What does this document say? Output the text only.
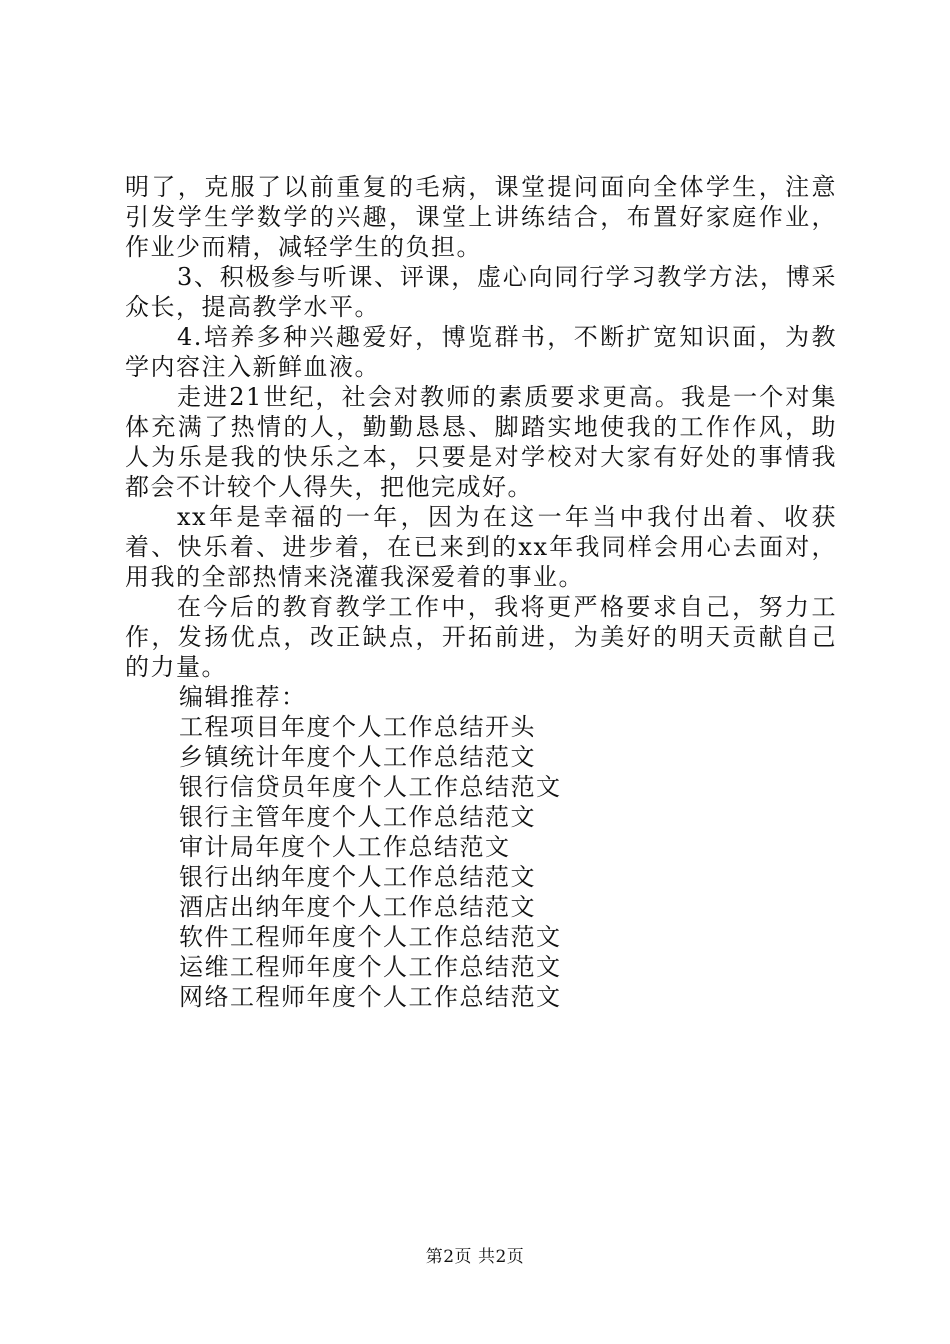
明了，克服了以前重复的毛病，课堂提问面向全体学生，注意引发学生学数学的兴趣，课堂上讲练结合，布置好家庭作业，作业少而精，减轻学生的负担。

3、积极参与听课、评课，虚心向同行学习教学方法，博采众长，提高教学水平。

4.培养多种兴趣爱好，博览群书，不断扩宽知识面，为教学内容注入新鲜血液。

走进21世纪，社会对教师的素质要求更高。我是一个对集体充满了热情的人，勤勤恳恳、脚踏实地使我的工作作风，助人为乐是我的快乐之本，只要是对学校对大家有好处的事情我都会不计较个人得失，把他完成好。

xx年是幸福的一年，因为在这一年当中我付出着、收获着、快乐着、进步着，在已来到的xx年我同样会用心去面对，用我的全部热情来浇灌我深爱着的事业。

在今后的教育教学工作中，我将更严格要求自己，努力工作，发扬优点，改正缺点，开拓前进，为美好的明天贡献自己的力量。

编辑推荐：

工程项目年度个人工作总结开头
乡镇统计年度个人工作总结范文
银行信贷员年度个人工作总结范文
银行主管年度个人工作总结范文
审计局年度个人工作总结范文
银行出纳年度个人工作总结范文
酒店出纳年度个人工作总结范文
软件工程师年度个人工作总结范文
运维工程师年度个人工作总结范文
网络工程师年度个人工作总结范文
第2页 共2页
